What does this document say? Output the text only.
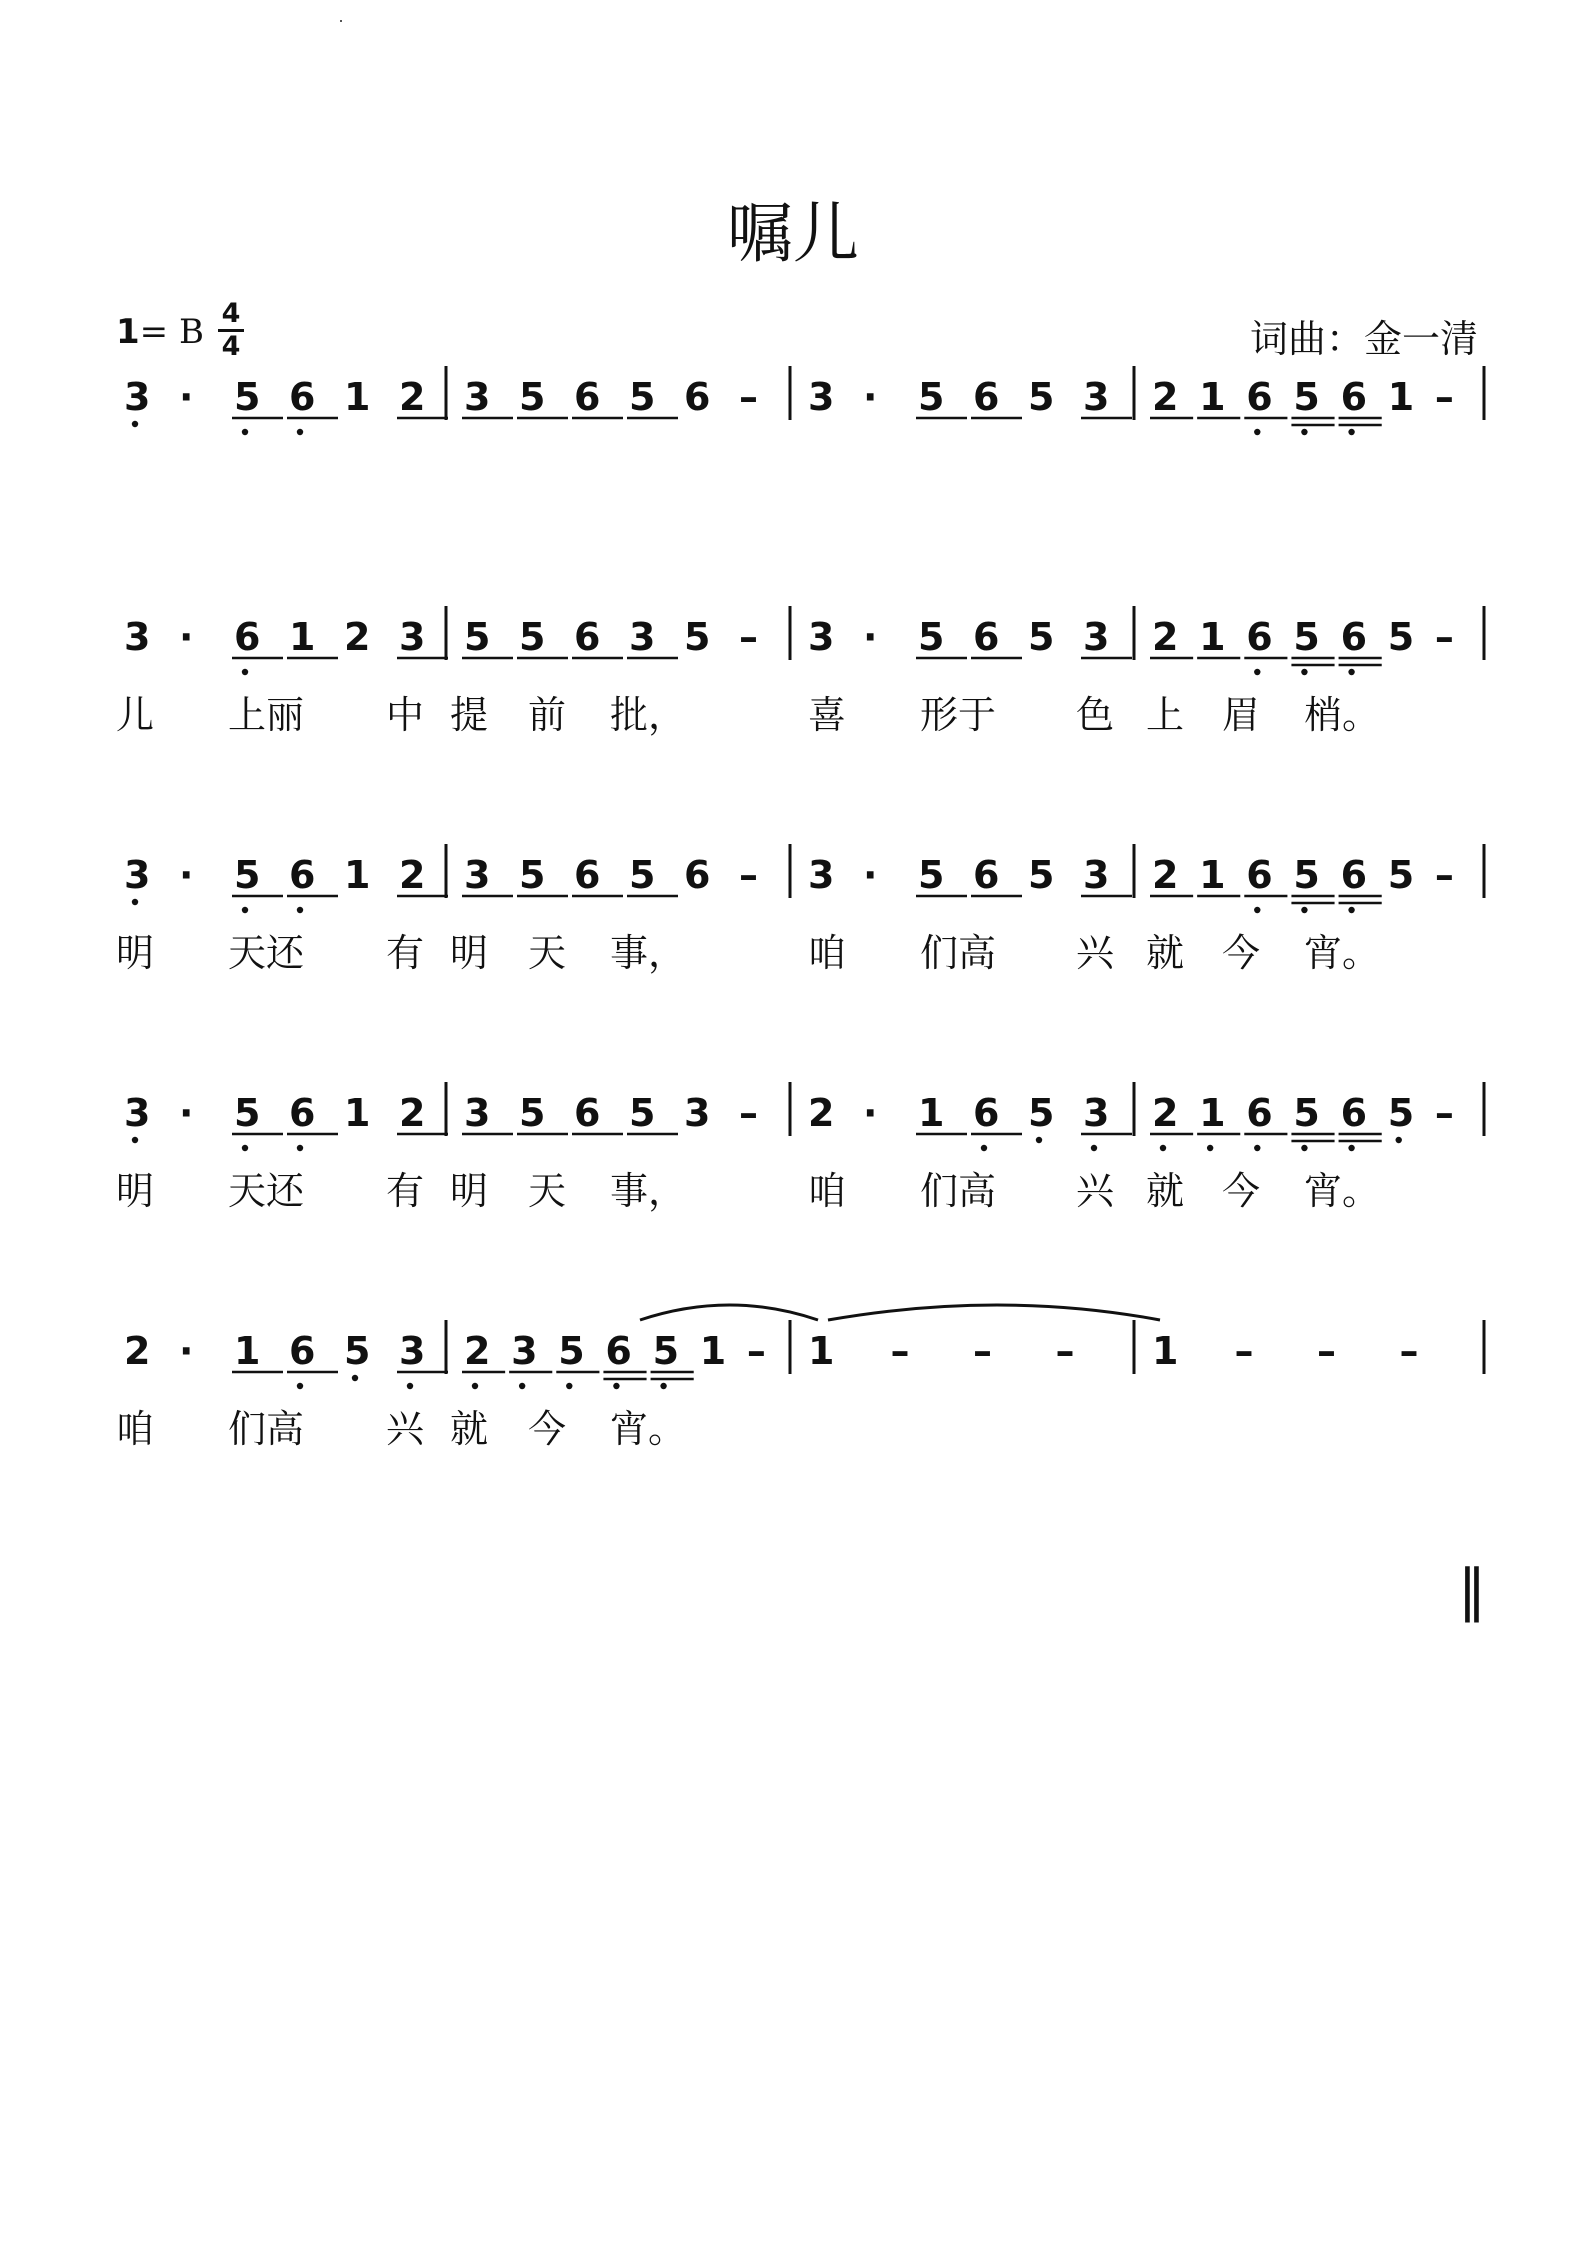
嘱儿
1= B 4
4	词曲：金一清
3 · 5 6 1 2 3 5 6 5 6 – 3 · 5 6 5 3 2 1 6 5 6 1 –
3 · 6 1 2 3 5 5 6 3 5 – 3 · 5 6 5 3 2 1 6 5 6 5 –
儿 上丽 中 提 前 批，	喜 形于 色 上 眉 梢。
3 · 5 6 1 2 3 5 6 5 6 – 3 · 5 6 5 3 2 1 6 5 6 5 –
明 天还 有 明 天 事，	咱 们高 兴 就 今 宵。
3 · 5 6 1 2 3 5 6 5 3 – 2 · 1 6 5 3 2 1 6 5 6 5 –
明 天还 有 明 天 事，	咱 们高 兴 就 今 宵。
2 · 1 6 5 3 2 3 5 6 5 1 – 1 – – – 1 – – –
咱 们高 兴 就 今 宵。
‖
